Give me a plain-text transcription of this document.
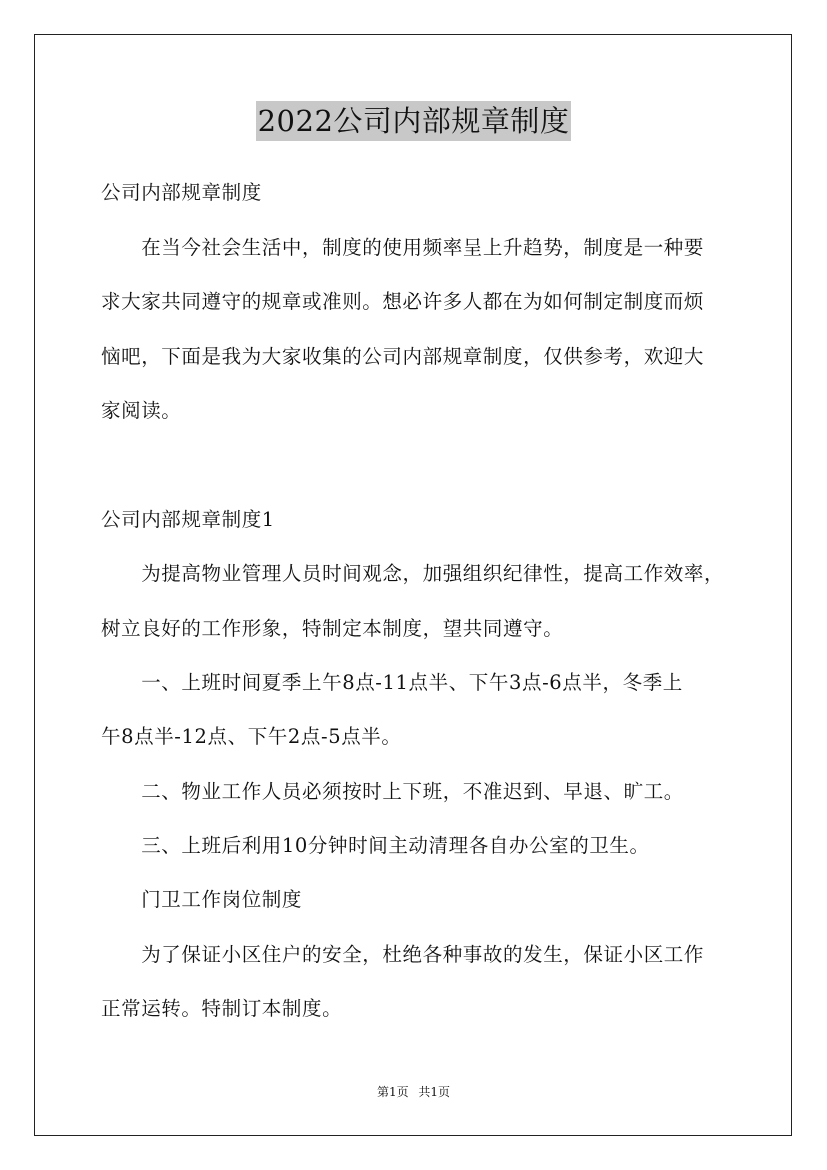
2022公司内部规章制度
公司内部规章制度
　　在当今社会生活中，制度的使用频率呈上升趋势，制度是一种要
求大家共同遵守的规章或准则。想必许多人都在为如何制定制度而烦
恼吧，下面是我为大家收集的公司内部规章制度，仅供参考，欢迎大
家阅读。
公司内部规章制度1
　　为提高物业管理人员时间观念，加强组织纪律性，提高工作效率，
树立良好的工作形象，特制定本制度，望共同遵守。
　　一、上班时间夏季上午8点-11点半、下午3点-6点半，冬季上
午8点半-12点、下午2点-5点半。
　　二、物业工作人员必须按时上下班，不准迟到、早退、旷工。
　　三、上班后利用10分钟时间主动清理各自办公室的卫生。
　　门卫工作岗位制度
　　为了保证小区住户的安全，杜绝各种事故的发生，保证小区工作
正常运转。特制订本制度。
第1页 共1页
